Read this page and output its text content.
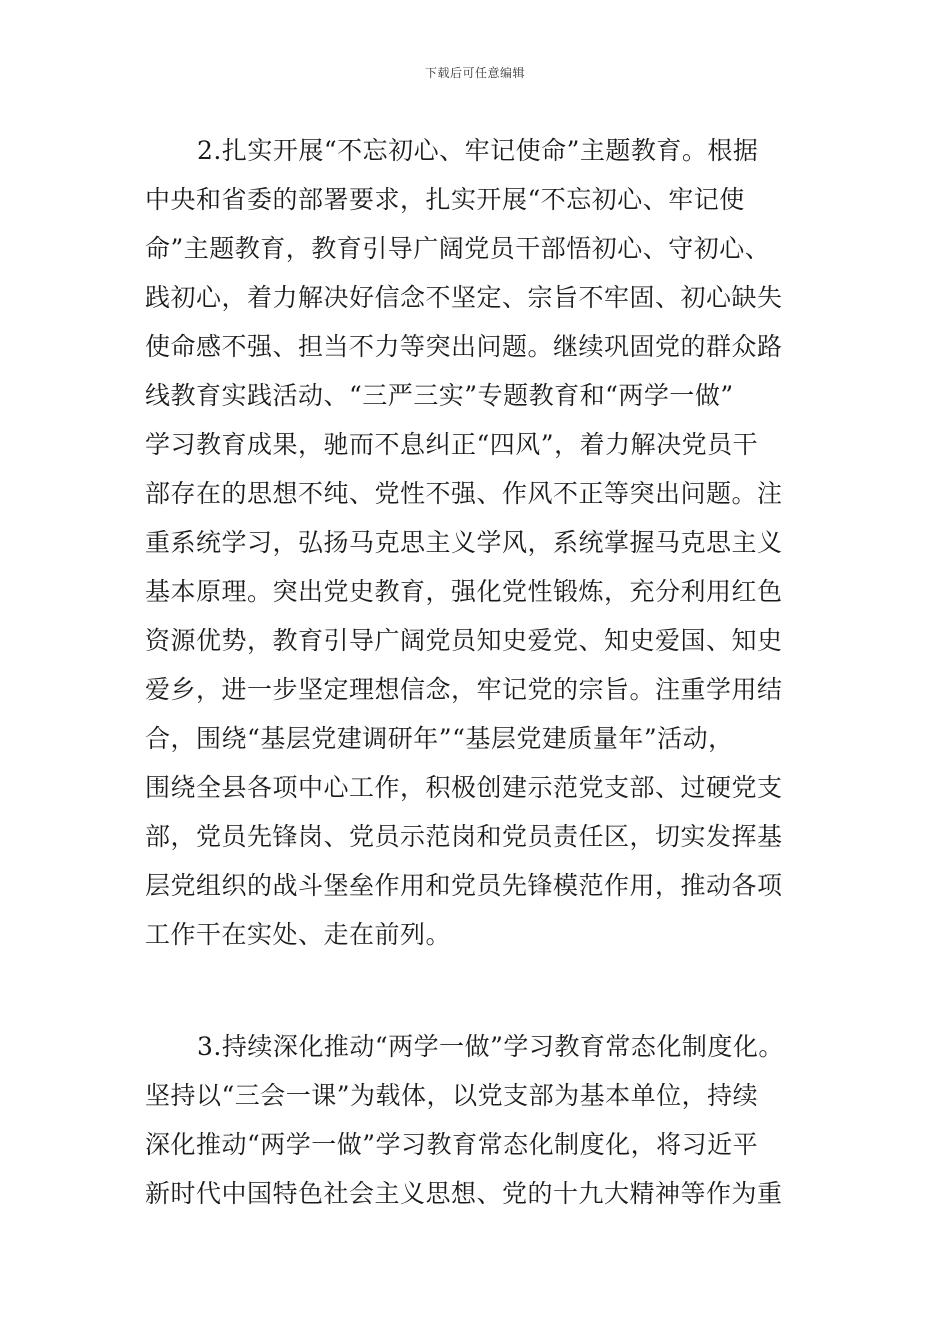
下载后可任意编辑
2.扎实开展“不忘初心、牢记使命”主题教育。根据
中央和省委的部署要求，扎实开展“不忘初心、牢记使
命”主题教育，教育引导广阔党员干部悟初心、守初心、
践初心，着力解决好信念不坚定、宗旨不牢固、初心缺失
使命感不强、担当不力等突出问题。继续巩固党的群众路
线教育实践活动、“三严三实”专题教育和“两学一做”
学习教育成果，驰而不息纠正“四风”，着力解决党员干
部存在的思想不纯、党性不强、作风不正等突出问题。注
重系统学习，弘扬马克思主义学风，系统掌握马克思主义
基本原理。突出党史教育，强化党性锻炼，充分利用红色
资源优势，教育引导广阔党员知史爱党、知史爱国、知史
爱乡，进一步坚定理想信念，牢记党的宗旨。注重学用结
合，围绕“基层党建调研年”“基层党建质量年”活动，
围绕全县各项中心工作，积极创建示范党支部、过硬党支
部，党员先锋岗、党员示范岗和党员责任区，切实发挥基
层党组织的战斗堡垒作用和党员先锋模范作用，推动各项
工作干在实处、走在前列。
3.持续深化推动“两学一做”学习教育常态化制度化。
坚持以“三会一课”为载体，以党支部为基本单位，持续
深化推动“两学一做”学习教育常态化制度化，将习近平
新时代中国特色社会主义思想、党的十九大精神等作为重
